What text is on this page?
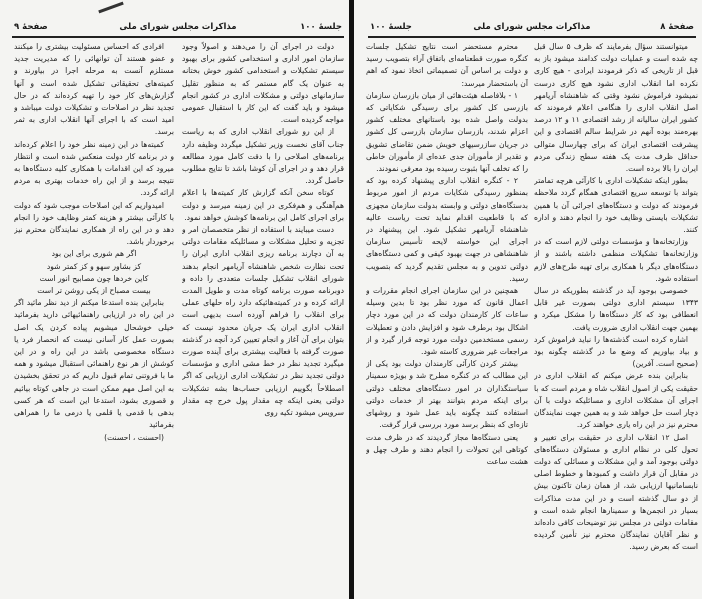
جلسهٔ ۱۰۰
مذاکرات مجلس شورای ملی
صفحهٔ ۹

دولت در اجرای آن را می‌دهند و اصولاً وجود سازمان امور اداری و استخدامی کشور برای بهبود سیستم تشکیلات و استخدامی کشور خوش بختانه به عنوان یک گام مستمر که به منظور تقلیل سازمانهای دولتی و مشکلات اداری در کشور انجام میشود و باید گفت که این کار با استقبال عمومی مواجه گردیده است.

از این رو شورای انقلاب اداری که به ریاست جناب آقای نخست وزیر تشکیل میگردد وظیفه دارد برنامه‌های اصلاحی را با دقت کامل مورد مطالعه قرار دهد و در اجرای آن کوشا باشد تا نتایج مطلوب حاصل گردد.

کوتاه سخن آنکه گزارش کار کمیته‌ها با اعلام هم‌آهنگی و هم‌فکری در این زمینه میرسد و دولت برای اجرای کامل این برنامه‌ها کوشش خواهد نمود.

دست میبایند با استفاده از نظر متخصصان امر و تجزیه و تحلیل مشکلات و مسائلیکه مقامات دولتی به آن دچارند برنامه ریزی انقلاب اداری ایران را تحت نظارت شخص شاهنشاه آریامهر انجام بدهند شورای انقلاب تشکیل جلسات متعددی را داده و دوبرنامه صورت برنامه کوتاه مدت و طویل المدت ارائه کرده و در کمیته‌هائیکه دارد راه حلهای عملی برای انقلاب را فراهم آورده است بدیهی است انقلاب اداری ایران یک جریان محدود نیست که بتوان برای آن آغاز و انجام تعیین کرد آنچه در گذشته صورت گرفته با فعالیت بیشتری برای آینده صورت میگیرد تجدید نظر در خط مشی اداری و مؤسسات دولتی تجدید نظر در تشکیلات اداری ارزیابی که اگر اصطلاحاً بگوییم ارزیابی حساب‌ها بشه تشکیلات دولتی یعنی اینکه چه مقدار پول خرج چه مقدار سرویس میشود تکیه روی

افرادی که احساس مسئولیت بیشتری را میکنند و عضو هستند آن توانهائی را که مدیریت جدید مستلزم آنست به مرحله اجرا در بیاورند و کمیته‌های تحقیقاتی تشکیل شده است و آنها گزارش‌های کار خود را تهیه کرده‌اند که در حال تجدید نظر در اصلاحات و تشکیلات دولت میباشد و امید است که با اجرای آنها انقلاب اداری به ثمر برسد.

کمیته‌ها در این زمینه نظر خود را اعلام کرده‌اند و در برنامه کار دولت منعکس شده است و انتظار میرود که این اقدامات با همکاری کلیه دستگاه‌ها به نتیجه برسد و از این راه خدمات بهتری به مردم ارائه گردد.

امیدواریم که این اصلاحات موجب شود که دولت با کارآئی بیشتر و هزینه کمتر وظایف خود را انجام دهد و در این راه از همکاری نمایندگان محترم نیز برخوردار باشد.

اگر هم شوری برای این بود

کز بشاور سهو و کز کمتر شود

کاین خردها چون مصابیح انور است

بیست مصباح از یکی روشن تر است

بنابراین بنده استدعا میکنم از دید نظر مائید اگر در این راه در ارزیابی راهنمائیهائی دارید بفرمائید خیلی خوشحال میشویم پیاده کردن یک اصل بصورت عمل کار آسانی نیست که انحصار فرد یا دستگاه مخصوصی باشد در این راه و در این کوشش از هر نوع راهنمائی استقبال میشود و همه ما با فروتنی تمام قبول داریم که در تحقق بخشیدن به این اصل مهم ممکن است در جاهی کوتاه بیائیم و قصوری بشود، استدعا این است که هر کسی بدهی با قدمی یا قلمی یا درمی ما را همراهی بفرمائید

(احسنت ، احسنت)

صفحهٔ ۸
مذاکرات مجلس شورای ملی
جلسهٔ ۱۰۰

میتوانستند سؤال بفرمایند که ظرف ۵ سال قبل چه شده است و عملیات دولت کدامند میشود باز به قبل از تاریخی که ذکر فرمودند ایرادی - هیچ کاری نکرده اما انقلاب اداری نشود هیچ کاری درست نمیشود فراموش نشود وقتی که شاهنشاه آریامهر اصل انقلاب اداری را هنگامی اعلام فرمودند که کشور ایران سالیانه از رشد اقتصادی ۱۱ و ۱۲ درصد بهره‌مند بوده آنهم در شرایط سالم اقتصادی و این پیشرفت اقتصادی ایران که برای چهارسال متوالی حداقل ظرف مدت یک هفته سطح زندگی مردم ایران را بالا برده است.

بطور اینکه تشکیلات اداری با کارآئی هرچه تمامتر بتواند با توسعه سریع اقتصادی همگام گردد ملاحظه فرمودند که دولت و دستگاه‌های اجرائی آن با همین تشکیلات بایستی وظایف خود را انجام دهند و اداره کنند.

وزارتخانه‌ها و مؤسسات دولتی لازم است که در وزارتخانه‌ها تشکیلات منظمی داشته باشند و از دستگاه‌های دیگر با همکاری برای تهیه طرح‌های لازم استفاده شود.

خصوصی بوجود آید در گذشته بطوریکه در سال ۱۳۴۳ سیستم اداری دولتی بصورت غیر قابل انعطافی بود که کار دستگاه‌ها را مشکل میکرد و بهمین جهت انقلاب اداری ضرورت یافت.

اشاره کرده است گذشته‌ها را نباید فراموش کرد و بیاد بیاوریم که وضع ما در گذشته چگونه بود (صحیح است. آفرین)

بنابراین بنده عرض میکنم که انقلاب اداری در حقیقت یکی از اصول انقلاب شاه و مردم است که با اجرای آن مشکلات اداری و مسائلیکه دولت با آن دچار است حل خواهد شد و به همین جهت نمایندگان محترم نیز در این راه یاری خواهند کرد.

اصل ۱۲ انقلاب اداری در حقیقت برای تغییر و تحول کلی در نظام اداری و مسئولان دستگاه‌های دولتی بوجود آمد و این مشکلات و مسائلی که دولت در مقابل آن قرار داشت و کمبودها و خطوط اصلی نابسامانیها ارزیابی شد، از همان زمان تاکنون بیش از دو سال گذشته است و در این مدت مذاکرات بسیار در انجمن‌ها و سمینارها انجام شده است و مقامات دولتی در مجلس نیز توضیحات کافی داده‌اند و نظر آقایان نمایندگان محترم نیز تأمین گردیده است که بعرض رسید.

محترم مستحضر است نتایج تشکیل جلسات کنگره صورت قطعنامه‌ای باتفاق آراء بتصویب رسید و دولت بر اساس آن تصمیماتی اتخاذ نمود که اهم آن باستحضار میرسد:

۱ - بلافاصله هیئت‌هائی از میان بازرسان سازمان بازرسی کل کشور برای رسیدگی شکایاتی که بدولت واصل شده بود باستانهای مختلف کشور اعزام شدند، بازرسان سازمان بازرسی کل کشور در جریان سازرسیهای خویش ضمن تقاضای تشویق و تقدیر از مأموران جدی عده‌ای از مأموران خاطی را که تخلف آنها بثبوت رسیده بود معرفی نمودند.

۲ - کنگره انقلاب اداری پیشنهاد کرده بود که بمنظور رسیدگی شکایات مردم از امور مربوط بدستگاه‌های دولتی و وابسته بدولت سازمان مجهزی که با قاطعیت اقدام نماید تحت ریاست عالیه شاهنشاه آریامهر تشکیل شود. این پیشنهاد در اجرای این خواسته لایحه تأسیس سازمان شاهنشاهی در جهت بهبود کیفی و کمی دستگاه‌های دولتی تدوین و به مجلس تقدیم گردید که بتصویب رسید.

همچنین در این سازمان اجرای انجام مقررات و اعمال قانون که مورد نظر بود تا بدین وسیله ساعات کار کارمندان دولت که در این مورد دچار اشکال بود برطرف شود و افزایش دادن و تعطیلات رسمی مستخدمین دولت مورد توجه قرار گیرد و از مراجعات غیر ضروری کاسته شود.

بیشتر کردن کارآئی کارمندان دولت بود یکی از این مطالب که در کنگره مطرح شد و بویژه سمینار سیاستگذاران در امور دستگاه‌های مختلف دولتی برای اینکه مردم بتوانند بهتر از خدمات دولتی استفاده کنند چگونه باید عمل شود و روشهای تازه‌ای که بنظر برسد مورد بررسی قرار گرفت.

یعنی دستگاه‌ها مجاز گردیدند که در ظرف مدت کوتاهی این تحولات را انجام دهند و طرف چهل و هشت ساعت
